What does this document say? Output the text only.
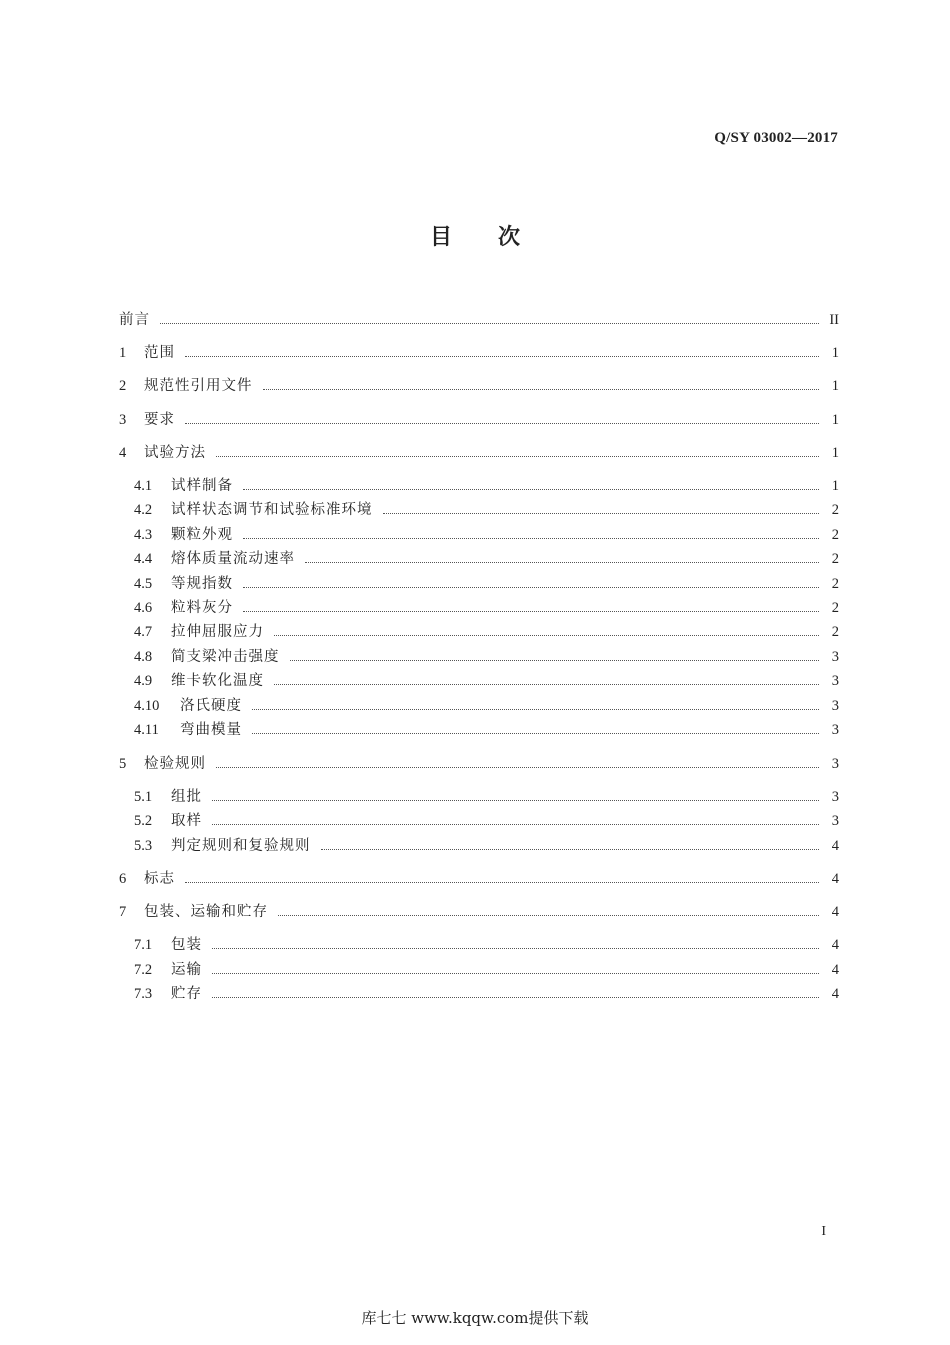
Q/SY 03002—2017
目次
前言	II
1	范围	1
2	规范性引用文件	1
3	要求	1
4	试验方法	1
4.1	试样制备	1
4.2	试样状态调节和试验标准环境	2
4.3	颗粒外观	2
4.4	熔体质量流动速率	2
4.5	等规指数	2
4.6	粒料灰分	2
4.7	拉伸屈服应力	2
4.8	简支梁冲击强度	3
4.9	维卡软化温度	3
4.10	洛氏硬度	3
4.11	弯曲模量	3
5	检验规则	3
5.1	组批	3
5.2	取样	3
5.3	判定规则和复验规则	4
6	标志	4
7	包装、运输和贮存	4
7.1	包装	4
7.2	运输	4
7.3	贮存	4
I
库七七 www.kqqw.com提供下载
